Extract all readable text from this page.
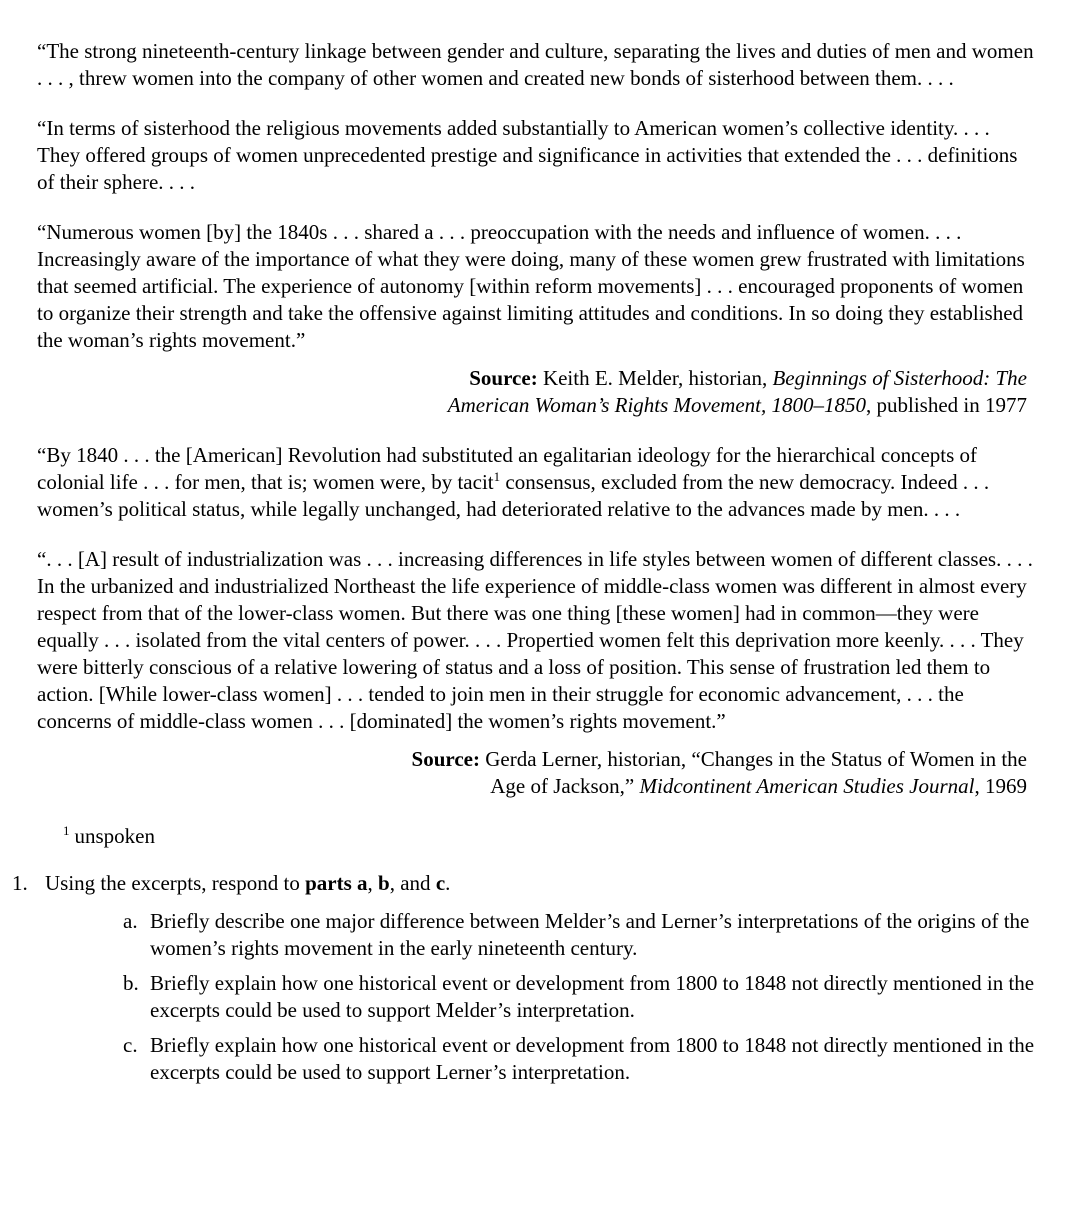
“The strong nineteenth-century linkage between gender and culture, separating the lives and duties of men and women . . . , threw women into the company of other women and created new bonds of sisterhood between them. . . .

“In terms of sisterhood the religious movements added substantially to American women’s collective identity. . . . They offered groups of women unprecedented prestige and significance in activities that extended the . . . definitions of their sphere. . . .

“Numerous women [by] the 1840s . . . shared a . . . preoccupation with the needs and influence of women. . . . Increasingly aware of the importance of what they were doing, many of these women grew frustrated with limitations that seemed artificial. The experience of autonomy [within reform movements] . . . encouraged proponents of women to organize their strength and take the offensive against limiting attitudes and conditions. In so doing they established the woman’s rights movement.”

Source: Keith E. Melder, historian, Beginnings of Sisterhood: The
American Woman’s Rights Movement, 1800–1850, published in 1977

“By 1840 . . . the [American] Revolution had substituted an egalitarian ideology for the hierarchical concepts of colonial life . . . for men, that is; women were, by tacit$^1$ consensus, excluded from the new democracy. Indeed . . . women’s political status, while legally unchanged, had deteriorated relative to the advances made by men. . . .

“. . . [A] result of industrialization was . . . increasing differences in life styles between women of different classes. . . . In the urbanized and industrialized Northeast the life experience of middle-class women was different in almost every respect from that of the lower-class women. But there was one thing [these women] had in common—they were equally . . . isolated from the vital centers of power. . . . Propertied women felt this deprivation more keenly. . . . They were bitterly conscious of a relative lowering of status and a loss of position. This sense of frustration led them to action. [While lower-class women] . . . tended to join men in their struggle for economic advancement, . . . the concerns of middle-class women . . . [dominated] the women’s rights movement.”

Source: Gerda Lerner, historian, “Changes in the Status of Women in the
Age of Jackson,” Midcontinent American Studies Journal, 1969
$^1$ unspoken
1. Using the excerpts, respond to parts a, b, and c.
a. Briefly describe one major difference between Melder’s and Lerner’s interpretations of the origins of the women’s rights movement in the early nineteenth century.
b. Briefly explain how one historical event or development from 1800 to 1848 not directly mentioned in the excerpts could be used to support Melder’s interpretation.
c. Briefly explain how one historical event or development from 1800 to 1848 not directly mentioned in the excerpts could be used to support Lerner’s interpretation.
